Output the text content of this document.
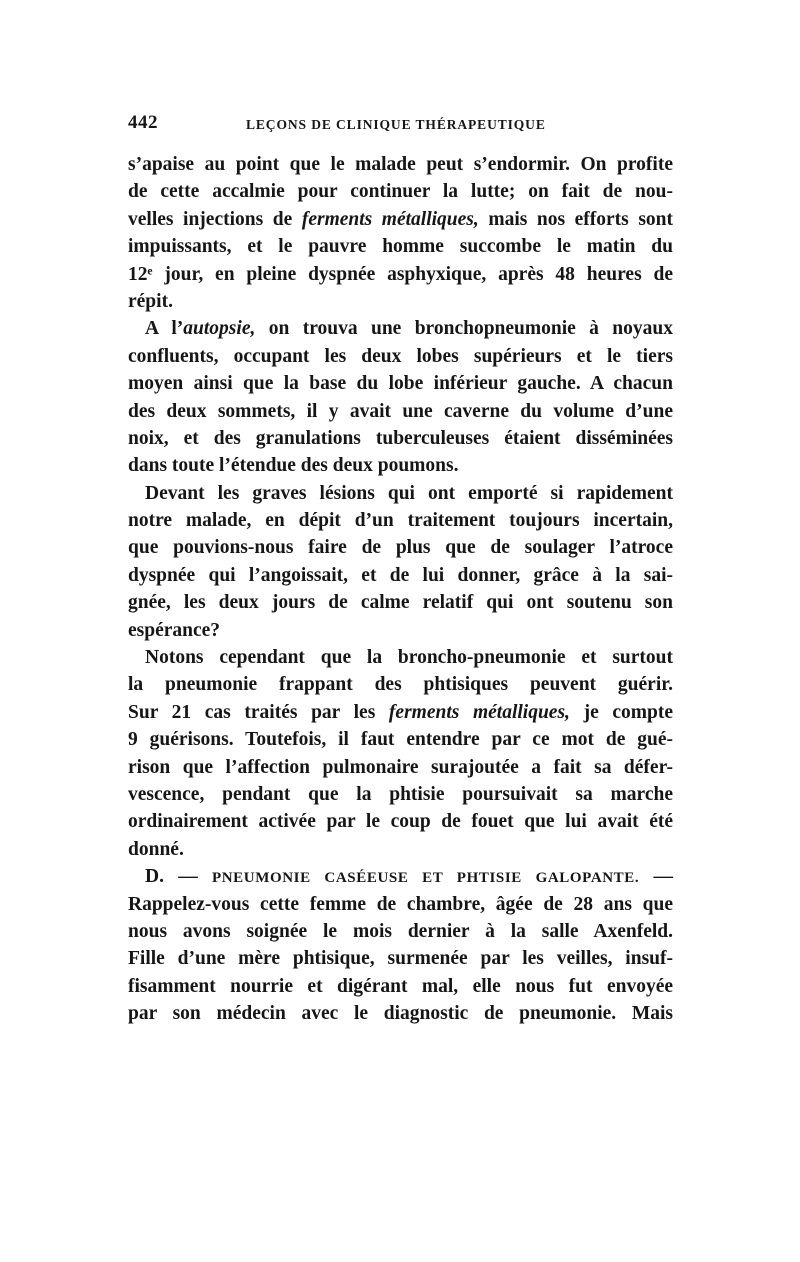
442	LEÇONS DE CLINIQUE THÉRAPEUTIQUE
s’apaise au point que le malade peut s’endormir. On profite
de cette accalmie pour continuer la lutte; on fait de nou-
velles injections de ferments métalliques, mais nos efforts sont
impuissants, et le pauvre homme succombe le matin du
12ᵉ jour, en pleine dyspnée asphyxique, après 48 heures de
répit.
A l’autopsie, on trouva une bronchopneumonie à noyaux
confluents, occupant les deux lobes supérieurs et le tiers
moyen ainsi que la base du lobe inférieur gauche. A chacun
des deux sommets, il y avait une caverne du volume d’une
noix, et des granulations tuberculeuses étaient disséminées
dans toute l’étendue des deux poumons.
Devant les graves lésions qui ont emporté si rapidement
notre malade, en dépit d’un traitement toujours incertain,
que pouvions-nous faire de plus que de soulager l’atroce
dyspnée qui l’angoissait, et de lui donner, grâce à la sai-
gnée, les deux jours de calme relatif qui ont soutenu son
espérance?
Notons cependant que la broncho-pneumonie et surtout
la pneumonie frappant des phtisiques peuvent guérir.
Sur 21 cas traités par les ferments métalliques, je compte
9 guérisons. Toutefois, il faut entendre par ce mot de gué-
rison que l’affection pulmonaire surajoutée a fait sa défer-
vescence, pendant que la phtisie poursuivait sa marche
ordinairement activée par le coup de fouet que lui avait été
donné.
D. — PNEUMONIE CASÉEUSE ET PHTISIE GALOPANTE. —
Rappelez-vous cette femme de chambre, âgée de 28 ans que
nous avons soignée le mois dernier à la salle Axenfeld.
Fille d’une mère phtisique, surmenée par les veilles, insuf-
fisamment nourrie et digérant mal, elle nous fut envoyée
par son médecin avec le diagnostic de pneumonie. Mais
